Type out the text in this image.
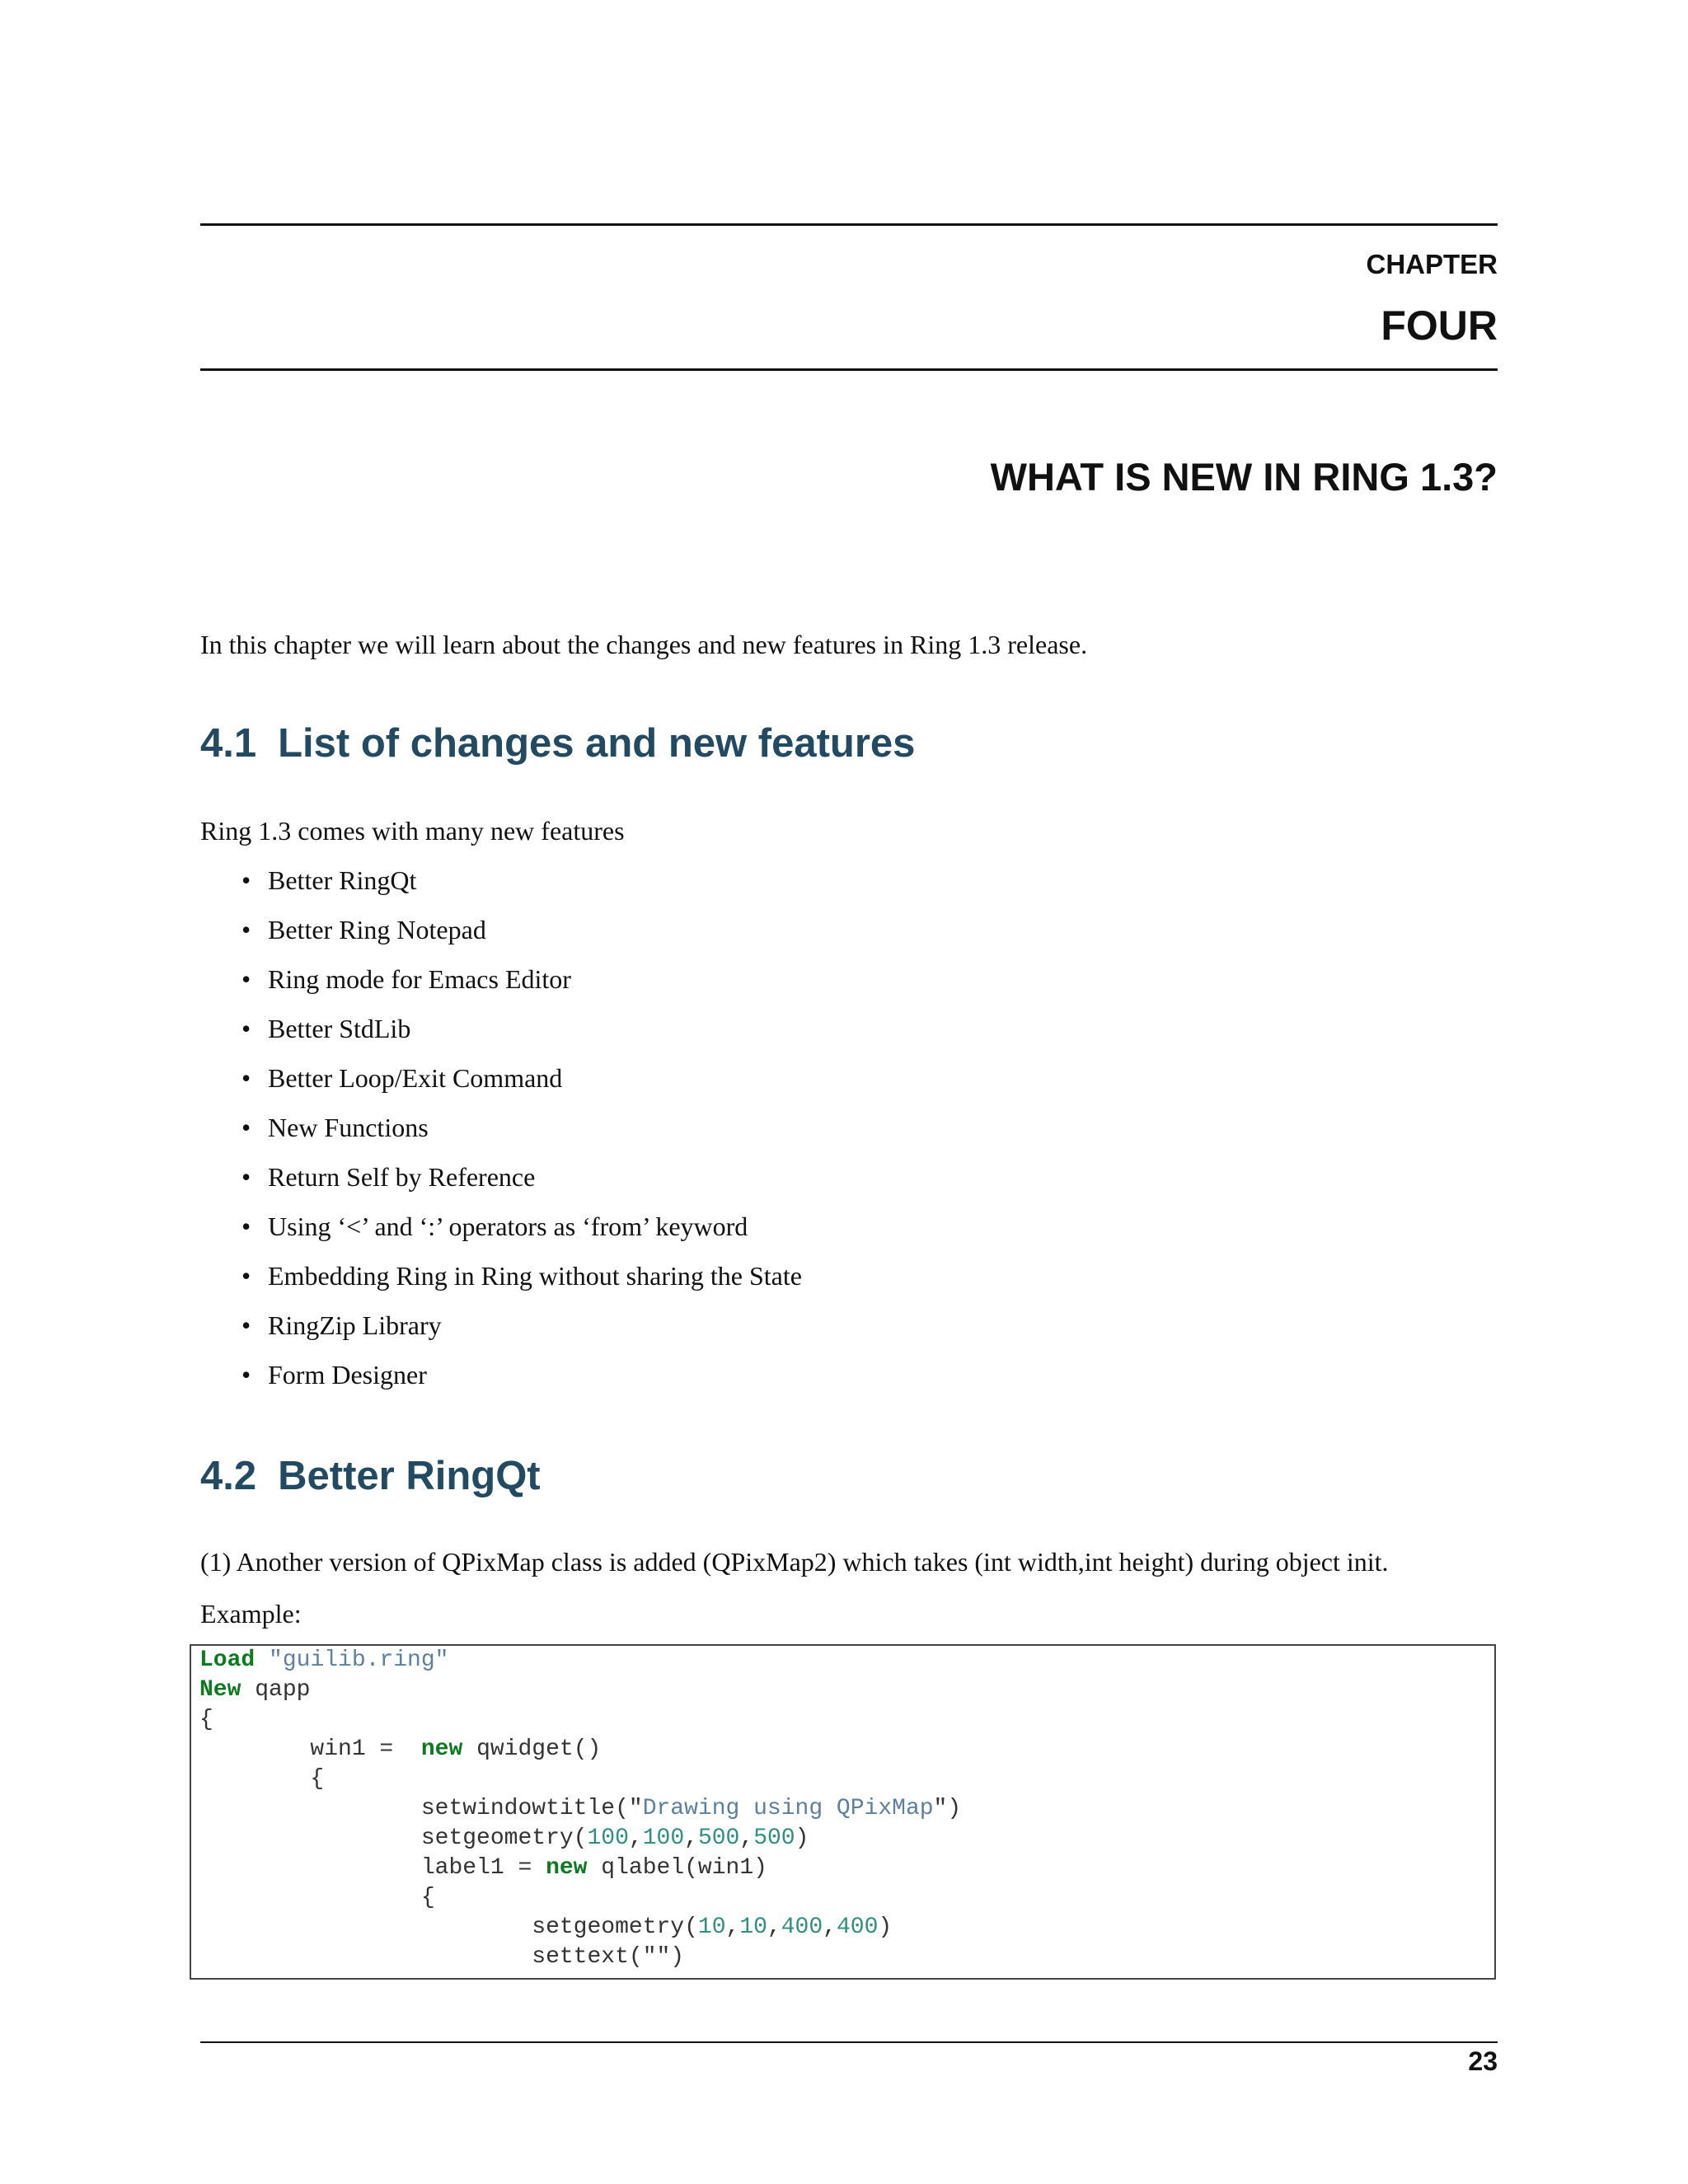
CHAPTER

FOUR

WHAT IS NEW IN RING 1.3?

In this chapter we will learn about the changes and new features in Ring 1.3 release.

4.1 List of changes and new features

Ring 1.3 comes with many new features

• Better RingQt
• Better Ring Notepad
• Ring mode for Emacs Editor
• Better StdLib
• Better Loop/Exit Command
• New Functions
• Return Self by Reference
• Using ‘<’ and ‘:’ operators as ‘from’ keyword
• Embedding Ring in Ring without sharing the State
• RingZip Library
• Form Designer
4.2 Better RingQt

(1) Another version of QPixMap class is added (QPixMap2) which takes (int width,int height) during object init.

Example:

Load "guilib.ring"
New qapp
{
win1 =  new qwidget()
{
setwindowtitle("Drawing using QPixMap")
setgeometry(100,100,500,500)
label1 = new qlabel(win1)
{
setgeometry(10,10,400,400)
settext("")

23
